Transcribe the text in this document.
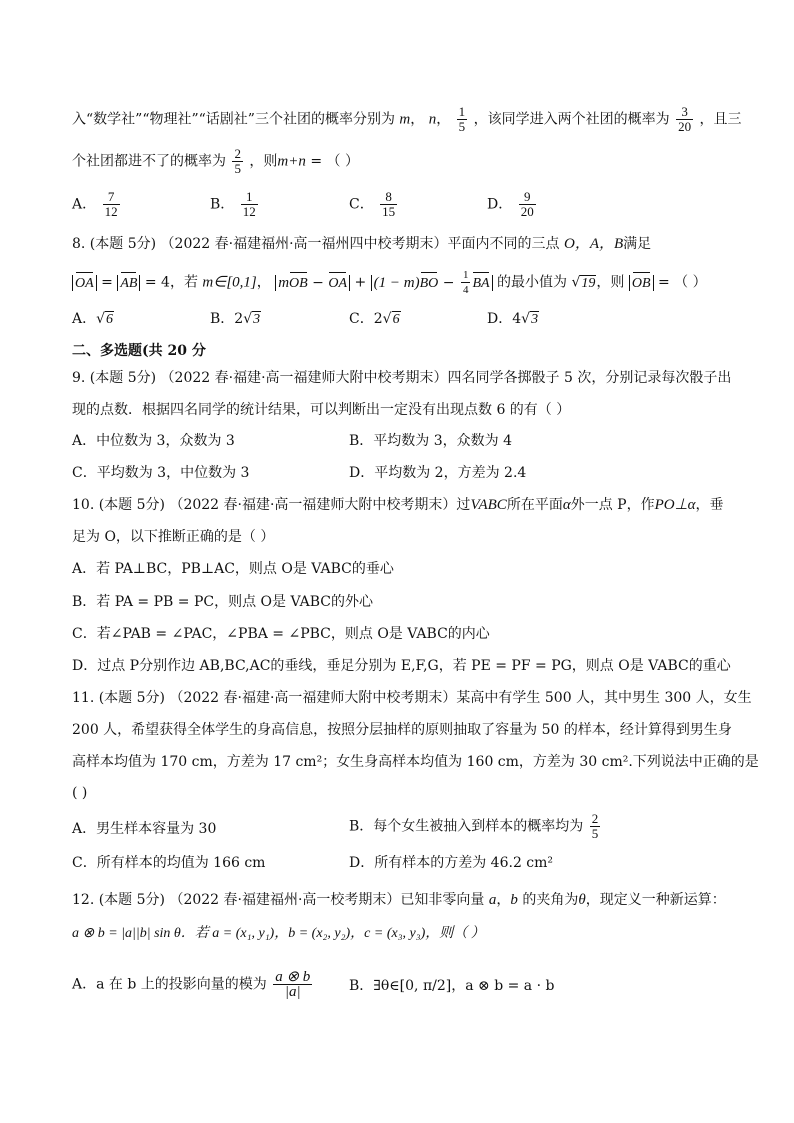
入“数学社”“物理社”“话剧社”三个社团的概率分别为 m， n， $\frac{1}{5}$ ，该同学进入两个社团的概率为 $\frac{3}{20}$ ，且三
个社团都进不了的概率为 $\frac{2}{5}$ ，则m+n = （ ）
A． $\frac{7}{12}$	B． $\frac{1}{12}$	C． $\frac{8}{15}$	D． $\frac{9}{20}$
8. (本题 5分) （2022 春·福建福州·高一福州四中校考期末）平面内不同的三点 O，A，B满足
OA = AB = 4，若 m∈[0,1]， mOB − OA + $(1 - m)BO - \frac{1}{4}$ BA 的最小值为 √19，则 OB = （ ）
A．√6	B．2√3	C．2√6	D．4√3
二、多选题(共 20 分
9. (本题 5分) （2022 春·福建·高一福建师大附中校考期末）四名同学各掷骰子 5 次，分别记录每次骰子出
现的点数．根据四名同学的统计结果，可以判断出一定没有出现点数 6 的有（ ）
A．中位数为 3，众数为 3	B．平均数为 3，众数为 4
C．平均数为 3，中位数为 3	D．平均数为 2，方差为 2.4
10. (本题 5分) （2022 春·福建·高一福建师大附中校考期末）过VABC所在平面α外一点 P，作PO⊥α，垂
足为 O，以下推断正确的是（ ）
A．若 PA⊥BC，PB⊥AC，则点 O是 VABC的垂心
B．若 PA = PB = PC，则点 O是 VABC的外心
C．若∠PAB = ∠PAC，∠PBA = ∠PBC，则点 O是 VABC的内心
D．过点 P分别作边 AB,BC,AC的垂线，垂足分别为 E,F,G，若 PE = PF = PG，则点 O是 VABC的重心
11. (本题 5分) （2022 春·福建·高一福建师大附中校考期末）某高中有学生 500 人，其中男生 300 人，女生
200 人，希望获得全体学生的身高信息，按照分层抽样的原则抽取了容量为 50 的样本，经计算得到男生身
高样本均值为 170 cm，方差为 17 cm²；女生身高样本均值为 160 cm，方差为 30 cm².下列说法中正确的是
( )
A．男生样本容量为 30	B．每个女生被抽入到样本的概率均为 $\frac{2}{5}$
C．所有样本的均值为 166 cm	D．所有样本的方差为 46.2 cm²
12. (本题 5分) （2022 春·福建福州·高一校考期末）已知非零向量 a，b 的夹角为θ，现定义一种新运算：
a ⊗ b = |a||b| sin θ．若 a = (x₁, y₁)，b = (x₂, y₂)，c = (x₃, y₃)，则（ ）
A．a 在 b 上的投影向量的模为 $\frac{a \otimes b}{|a|}$	B．∃θ∈[0, π/2]，a ⊗ b = a · b
